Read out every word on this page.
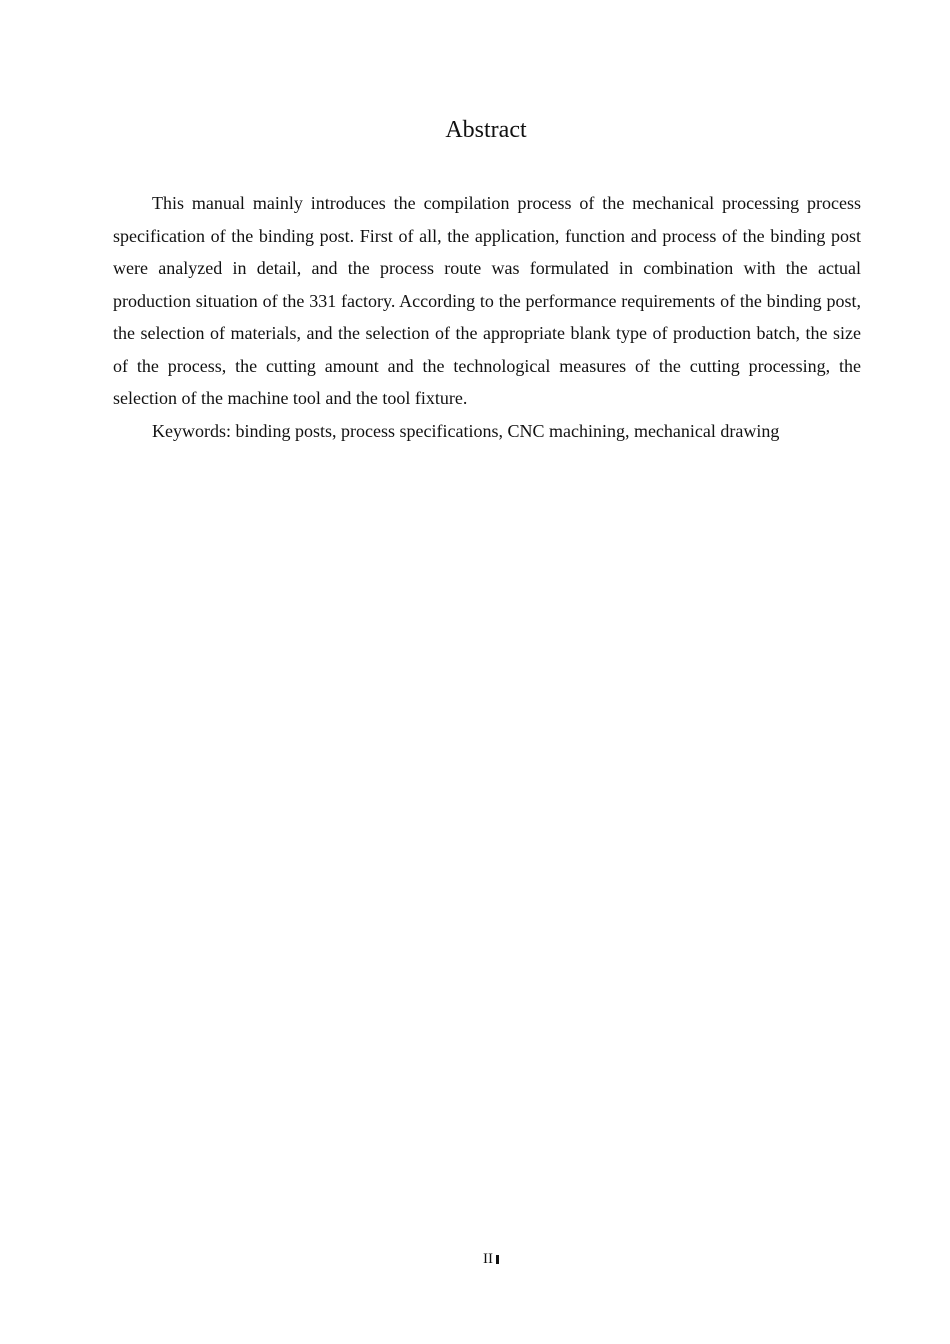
Abstract

This manual mainly introduces the compilation process of the mechanical processing process specification of the binding post. First of all, the application, function and process of the binding post were analyzed in detail, and the process route was formulated in combination with the actual production situation of the 331 factory. According to the performance requirements of the binding post, the selection of materials, and the selection of the appropriate blank type of production batch, the size of the process, the cutting amount and the technological measures of the cutting processing, the selection of the machine tool and the tool fixture.

Keywords: binding posts, process specifications, CNC machining, mechanical drawing

II
